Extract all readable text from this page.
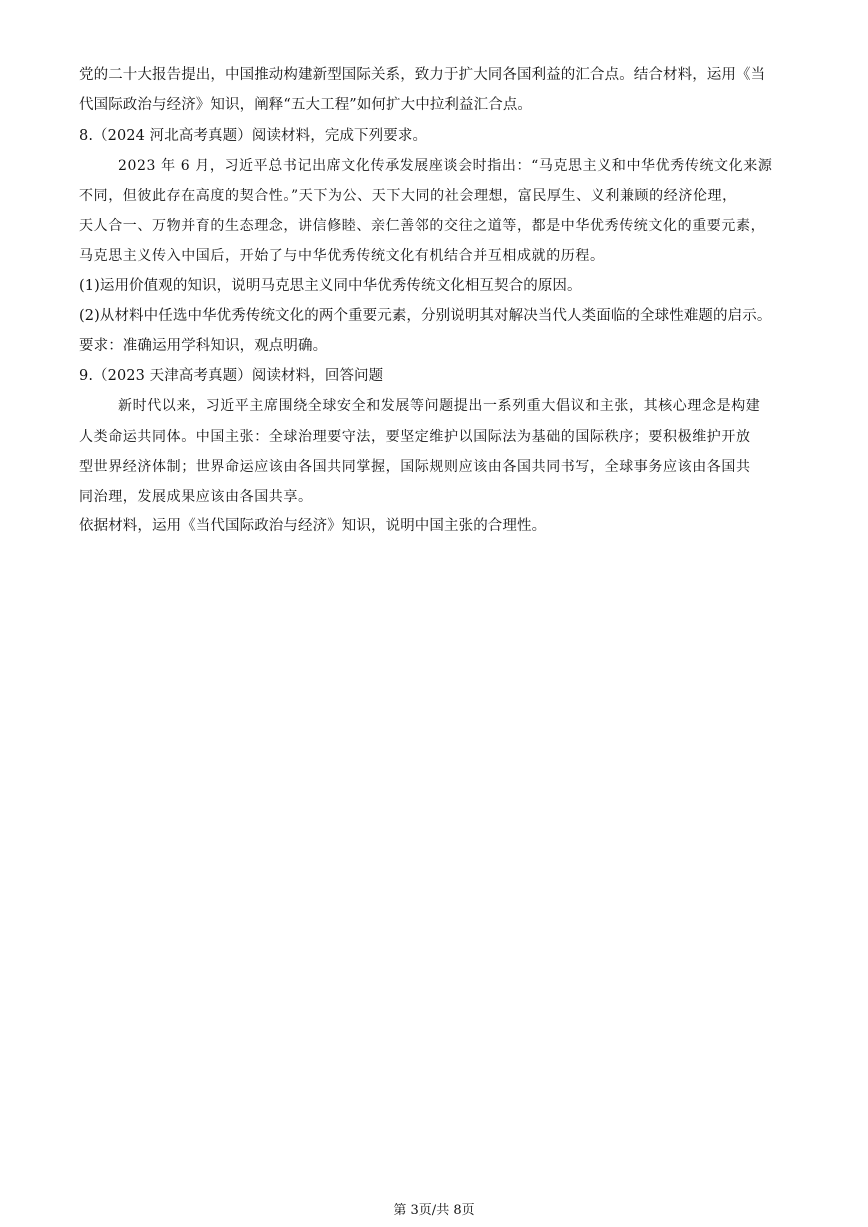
党的二十大报告提出，中国推动构建新型国际关系，致力于扩大同各国利益的汇合点。结合材料，运用《当
代国际政治与经济》知识，阐释“五大工程”如何扩大中拉利益汇合点。
8.（2024 河北高考真题）阅读材料，完成下列要求。
2023 年 6 月，习近平总书记出席文化传承发展座谈会时指出：“马克思主义和中华优秀传统文化来源
不同，但彼此存在高度的契合性。”天下为公、天下大同的社会理想，富民厚生、义利兼顾的经济伦理，
天人合一、万物并育的生态理念，讲信修睦、亲仁善邻的交往之道等，都是中华优秀传统文化的重要元素，
马克思主义传入中国后，开始了与中华优秀传统文化有机结合并互相成就的历程。
(1)运用价值观的知识，说明马克思主义同中华优秀传统文化相互契合的原因。
(2)从材料中任选中华优秀传统文化的两个重要元素，分别说明其对解决当代人类面临的全球性难题的启示。
要求：准确运用学科知识，观点明确。
9.（2023 天津高考真题）阅读材料，回答问题
新时代以来，习近平主席围绕全球安全和发展等问题提出一系列重大倡议和主张，其核心理念是构建
人类命运共同体。中国主张：全球治理要守法，要坚定维护以国际法为基础的国际秩序；要积极维护开放
型世界经济体制；世界命运应该由各国共同掌握，国际规则应该由各国共同书写，全球事务应该由各国共
同治理，发展成果应该由各国共享。
依据材料，运用《当代国际政治与经济》知识，说明中国主张的合理性。
第 3页/共 8页
